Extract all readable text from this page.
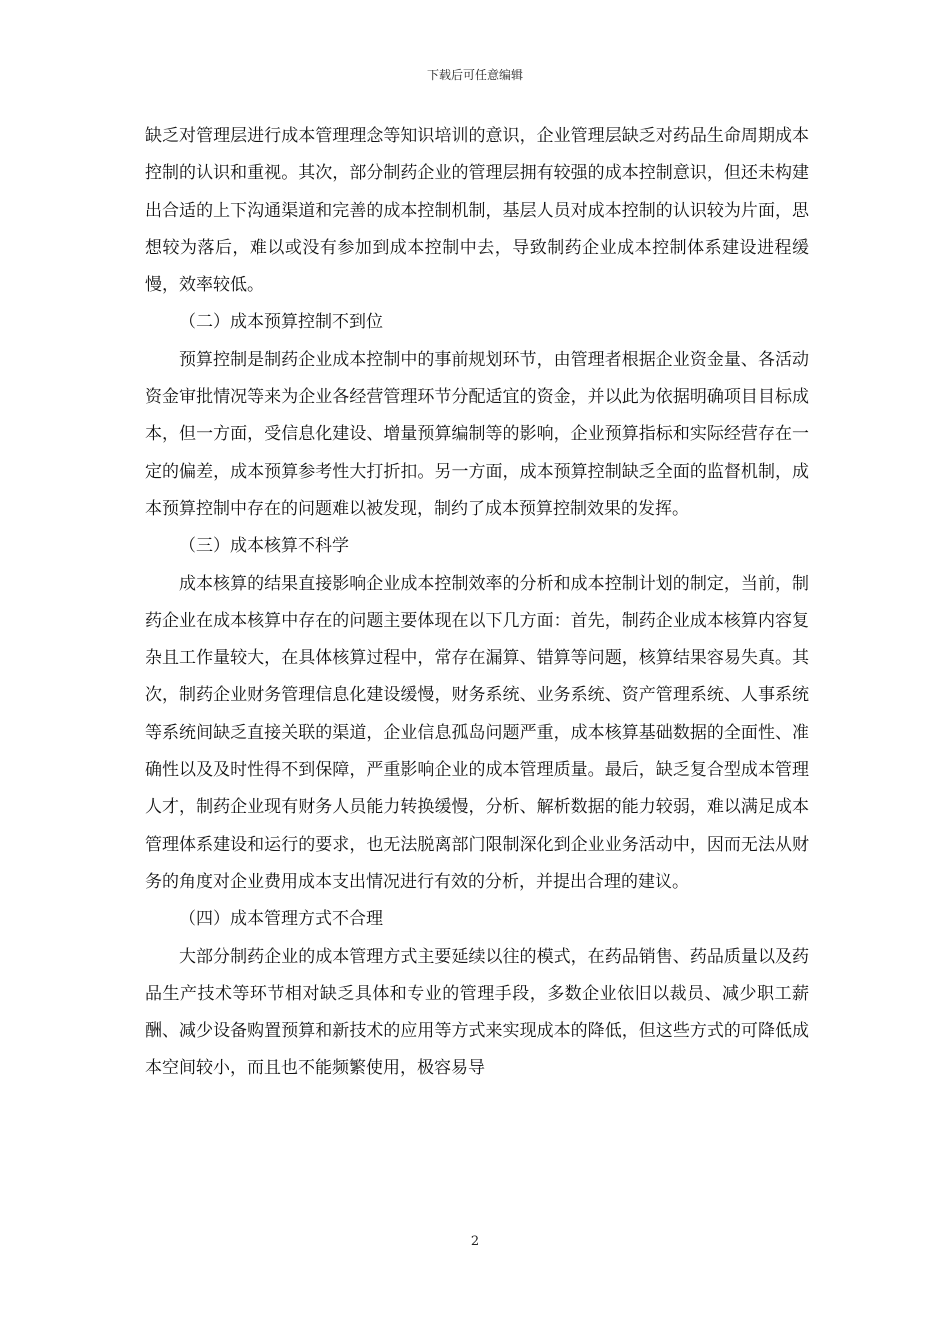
下载后可任意编辑

缺乏对管理层进行成本管理理念等知识培训的意识，企业管理层缺乏对药品生命周期成本控制的认识和重视。其次，部分制药企业的管理层拥有较强的成本控制意识，但还未构建出合适的上下沟通渠道和完善的成本控制机制，基层人员对成本控制的认识较为片面，思想较为落后，难以或没有参加到成本控制中去，导致制药企业成本控制体系建设进程缓慢，效率较低。

（二）成本预算控制不到位

预算控制是制药企业成本控制中的事前规划环节，由管理者根据企业资金量、各活动资金审批情况等来为企业各经营管理环节分配适宜的资金，并以此为依据明确项目目标成本，但一方面，受信息化建设、增量预算编制等的影响，企业预算指标和实际经营存在一定的偏差，成本预算参考性大打折扣。另一方面，成本预算控制缺乏全面的监督机制，成本预算控制中存在的问题难以被发现，制约了成本预算控制效果的发挥。

（三）成本核算不科学

成本核算的结果直接影响企业成本控制效率的分析和成本控制计划的制定，当前，制药企业在成本核算中存在的问题主要体现在以下几方面：首先，制药企业成本核算内容复杂且工作量较大，在具体核算过程中，常存在漏算、错算等问题，核算结果容易失真。其次，制药企业财务管理信息化建设缓慢，财务系统、业务系统、资产管理系统、人事系统等系统间缺乏直接关联的渠道，企业信息孤岛问题严重，成本核算基础数据的全面性、准确性以及及时性得不到保障，严重影响企业的成本管理质量。最后，缺乏复合型成本管理人才，制药企业现有财务人员能力转换缓慢，分析、解析数据的能力较弱，难以满足成本管理体系建设和运行的要求，也无法脱离部门限制深化到企业业务活动中，因而无法从财务的角度对企业费用成本支出情况进行有效的分析，并提出合理的建议。

（四）成本管理方式不合理

大部分制药企业的成本管理方式主要延续以往的模式，在药品销售、药品质量以及药品生产技术等环节相对缺乏具体和专业的管理手段，多数企业依旧以裁员、减少职工薪酬、减少设备购置预算和新技术的应用等方式来实现成本的降低，但这些方式的可降低成本空间较小，而且也不能频繁使用，极容易导

2
